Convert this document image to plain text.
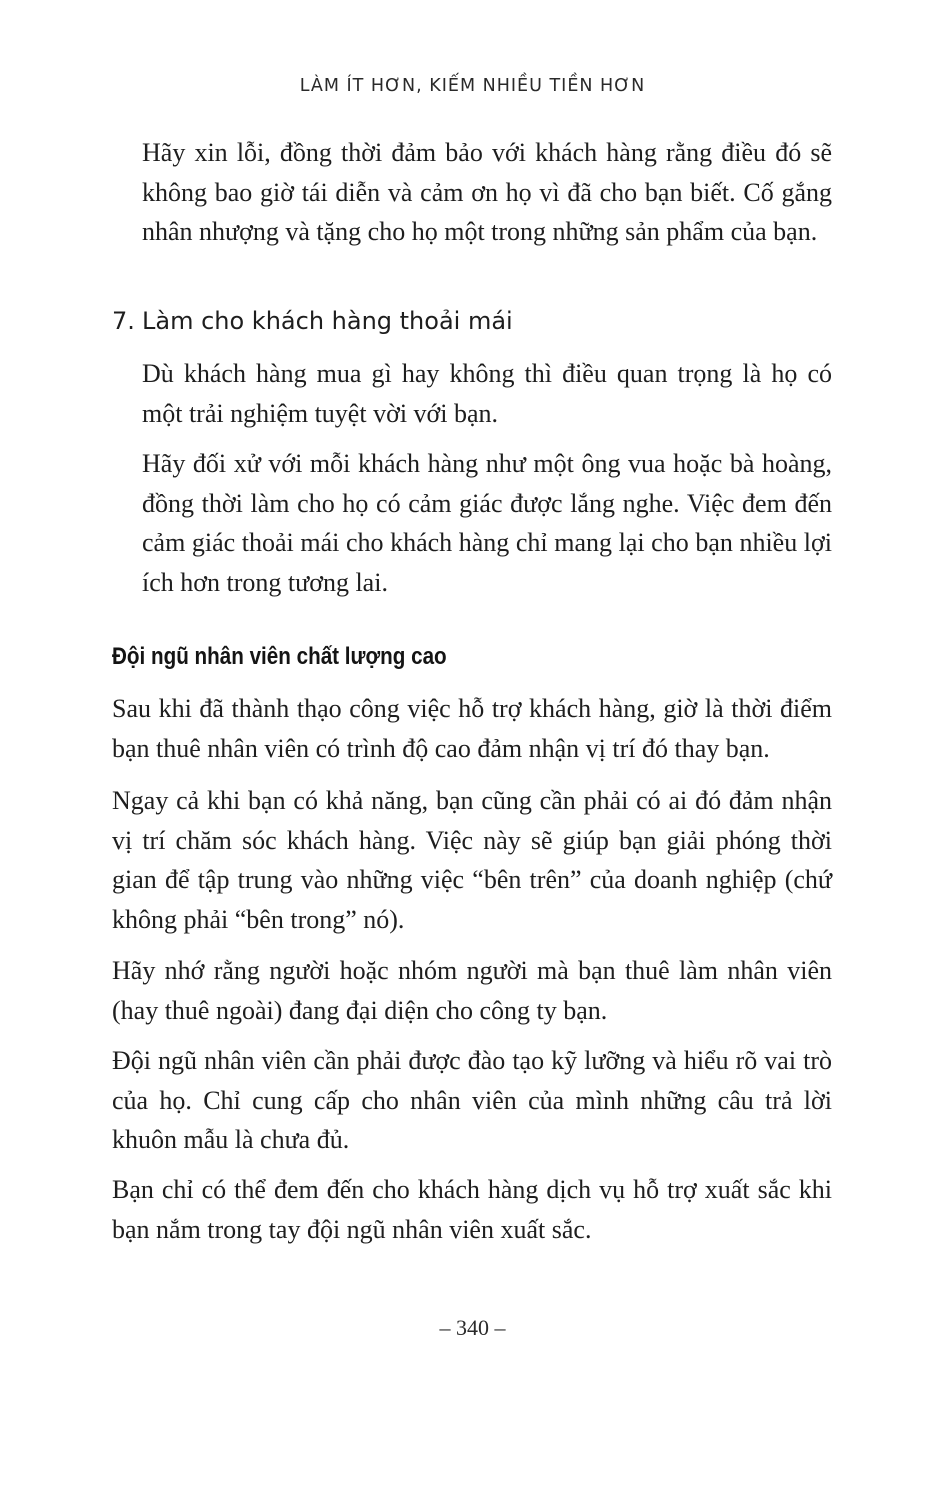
LÀM ÍT HƠN, KIẾM NHIỀU TIỀN HƠN

Hãy xin lỗi, đồng thời đảm bảo với khách hàng rằng điều đó sẽ không bao giờ tái diễn và cảm ơn họ vì đã cho bạn biết. Cố gắng nhân nhượng và tặng cho họ một trong những sản phẩm của bạn.

7. Làm cho khách hàng thoải mái

Dù khách hàng mua gì hay không thì điều quan trọng là họ có một trải nghiệm tuyệt vời với bạn.

Hãy đối xử với mỗi khách hàng như một ông vua hoặc bà hoàng, đồng thời làm cho họ có cảm giác được lắng nghe. Việc đem đến cảm giác thoải mái cho khách hàng chỉ mang lại cho bạn nhiều lợi ích hơn trong tương lai.

Đội ngũ nhân viên chất lượng cao

Sau khi đã thành thạo công việc hỗ trợ khách hàng, giờ là thời điểm bạn thuê nhân viên có trình độ cao đảm nhận vị trí đó thay bạn.

Ngay cả khi bạn có khả năng, bạn cũng cần phải có ai đó đảm nhận vị trí chăm sóc khách hàng. Việc này sẽ giúp bạn giải phóng thời gian để tập trung vào những việc “bên trên” của doanh nghiệp (chứ không phải “bên trong” nó).

Hãy nhớ rằng người hoặc nhóm người mà bạn thuê làm nhân viên (hay thuê ngoài) đang đại diện cho công ty bạn.

Đội ngũ nhân viên cần phải được đào tạo kỹ lưỡng và hiểu rõ vai trò của họ. Chỉ cung cấp cho nhân viên của mình những câu trả lời khuôn mẫu là chưa đủ.

Bạn chỉ có thể đem đến cho khách hàng dịch vụ hỗ trợ xuất sắc khi bạn nắm trong tay đội ngũ nhân viên xuất sắc.

– 340 –
